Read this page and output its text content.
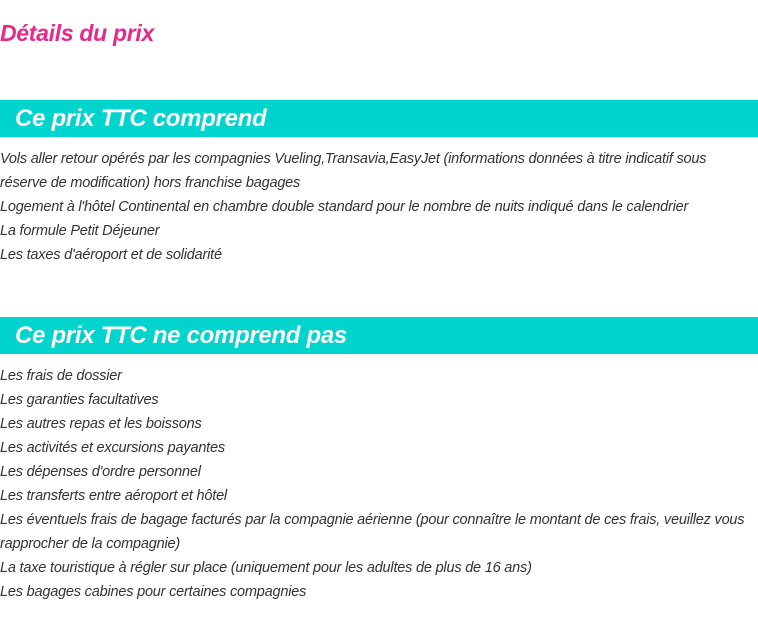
Détails du prix
Ce prix TTC comprend
Vols aller retour opérés par les compagnies Vueling,Transavia,EasyJet (informations données à titre indicatif sous réserve de modification) hors franchise bagages
Logement à l'hôtel Continental en chambre double standard pour le nombre de nuits indiqué dans le calendrier
La formule Petit Déjeuner
Les taxes d'aéroport et de solidarité
Ce prix TTC ne comprend pas
Les frais de dossier
Les garanties facultatives
Les autres repas et les boissons
Les activités et excursions payantes
Les dépenses d'ordre personnel
Les transferts entre aéroport et hôtel
Les éventuels frais de bagage facturés par la compagnie aérienne (pour connaître le montant de ces frais, veuillez vous rapprocher de la compagnie)
La taxe touristique à régler sur place (uniquement pour les adultes de plus de 16 ans)
Les bagages cabines pour certaines compagnies
